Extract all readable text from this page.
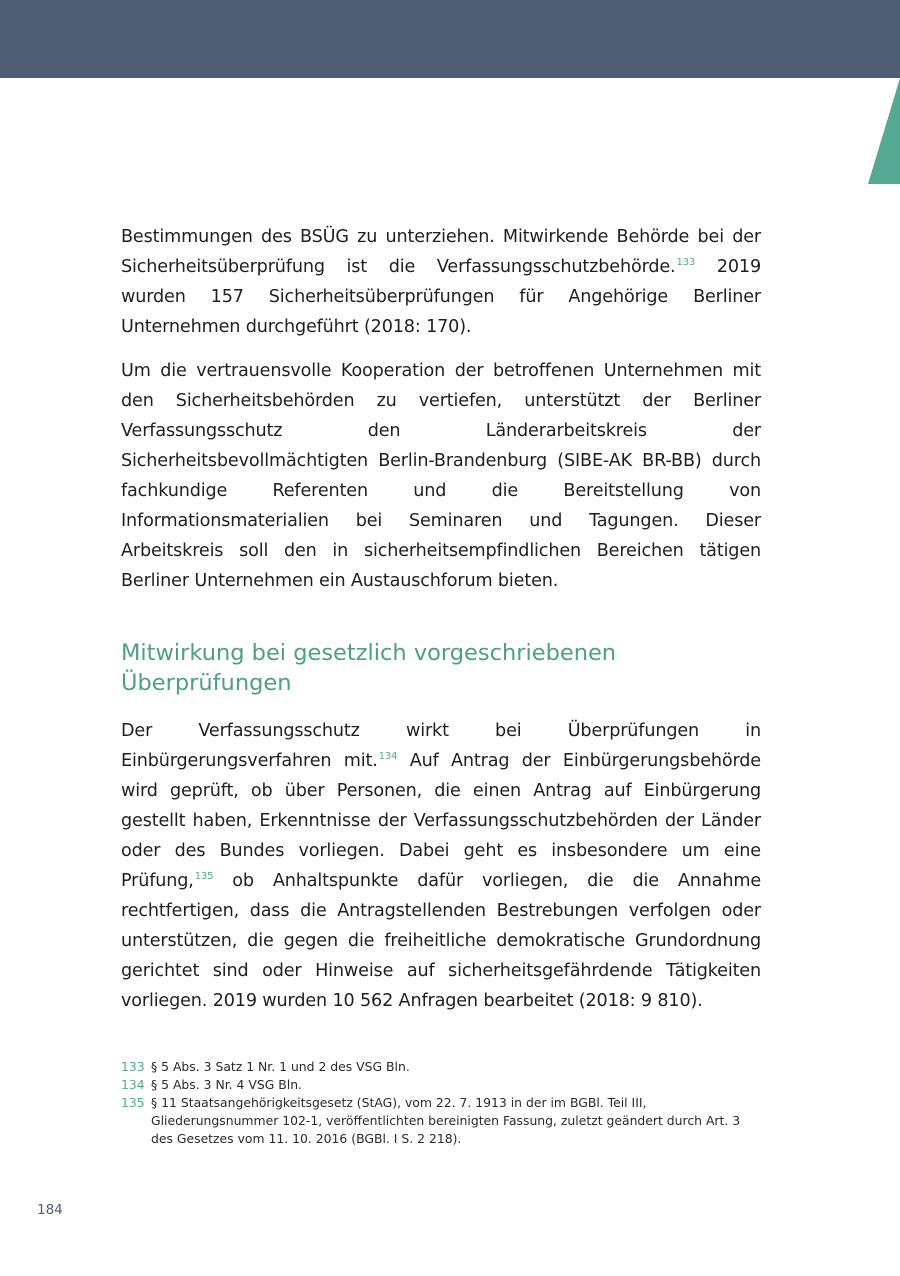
Bestimmungen des BSÜG zu unterziehen. Mitwirkende Behörde bei der Sicherheitsüberprüfung ist die Verfassungsschutzbehörde.$^{133}$ 2019 wurden 157 Sicherheitsüberprüfungen für Angehörige Berliner Unternehmen durchgeführt (2018: 170).

Um die vertrauensvolle Kooperation der betroffenen Unternehmen mit den Sicherheitsbehörden zu vertiefen, unterstützt der Berliner Verfassungsschutz den Länderarbeitskreis der Sicherheitsbevollmächtigten Berlin-Brandenburg (SIBE-AK BR-BB) durch fachkundige Referenten und die Bereitstellung von Informationsmaterialien bei Seminaren und Tagungen. Dieser Arbeitskreis soll den in sicherheitsempfindlichen Bereichen tätigen Berliner Unternehmen ein Austauschforum bieten.

Mitwirkung bei gesetzlich vorgeschriebenen
Überprüfungen

Der Verfassungsschutz wirkt bei Überprüfungen in Einbürgerungsverfahren mit.$^{134}$ Auf Antrag der Einbürgerungsbehörde wird geprüft, ob über Personen, die einen Antrag auf Einbürgerung gestellt haben, Erkenntnisse der Verfassungsschutzbehörden der Länder oder des Bundes vorliegen. Dabei geht es insbesondere um eine Prüfung,$^{135}$ ob Anhaltspunkte dafür vorliegen, die die Annahme rechtfertigen, dass die Antragstellenden Bestrebungen verfolgen oder unterstützen, die gegen die freiheitliche demokratische Grundordnung gerichtet sind oder Hinweise auf sicherheitsgefährdende Tätigkeiten vorliegen. 2019 wurden 10 562 Anfragen bearbeitet (2018: 9 810).

133 § 5 Abs. 3 Satz 1 Nr. 1 und 2 des VSG Bln.
134 § 5 Abs. 3 Nr. 4 VSG Bln.
135 § 11 Staatsangehörigkeitsgesetz (StAG), vom 22. 7. 1913 in der im BGBl. Teil III, Gliederungsnummer 102-1, veröffentlichten bereinigten Fassung, zuletzt geändert durch Art. 3 des Gesetzes vom 11. 10. 2016 (BGBl. I S. 2 218).
184
